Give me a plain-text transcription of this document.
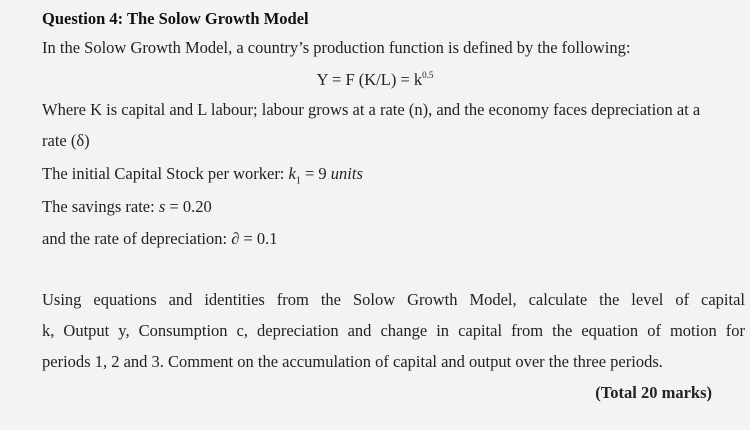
Question 4: The Solow Growth Model
In the Solow Growth Model, a country’s production function is defined by the following:
Y = F $(K/L) = k^{0.5}$
Where K is capital and L labour; labour grows at a rate (n), and the economy faces depreciation at a
rate (δ)
The initial Capital Stock per worker: $k_1 = 9$ units
The savings rate: s = 0.20
and the rate of depreciation: ∂ = 0.1
Using equations and identities from the Solow Growth Model, calculate the level of capital
k, Output y, Consumption c, depreciation and change in capital from the equation of motion for
periods 1, 2 and 3. Comment on the accumulation of capital and output over the three periods.
(Total 20 marks)
